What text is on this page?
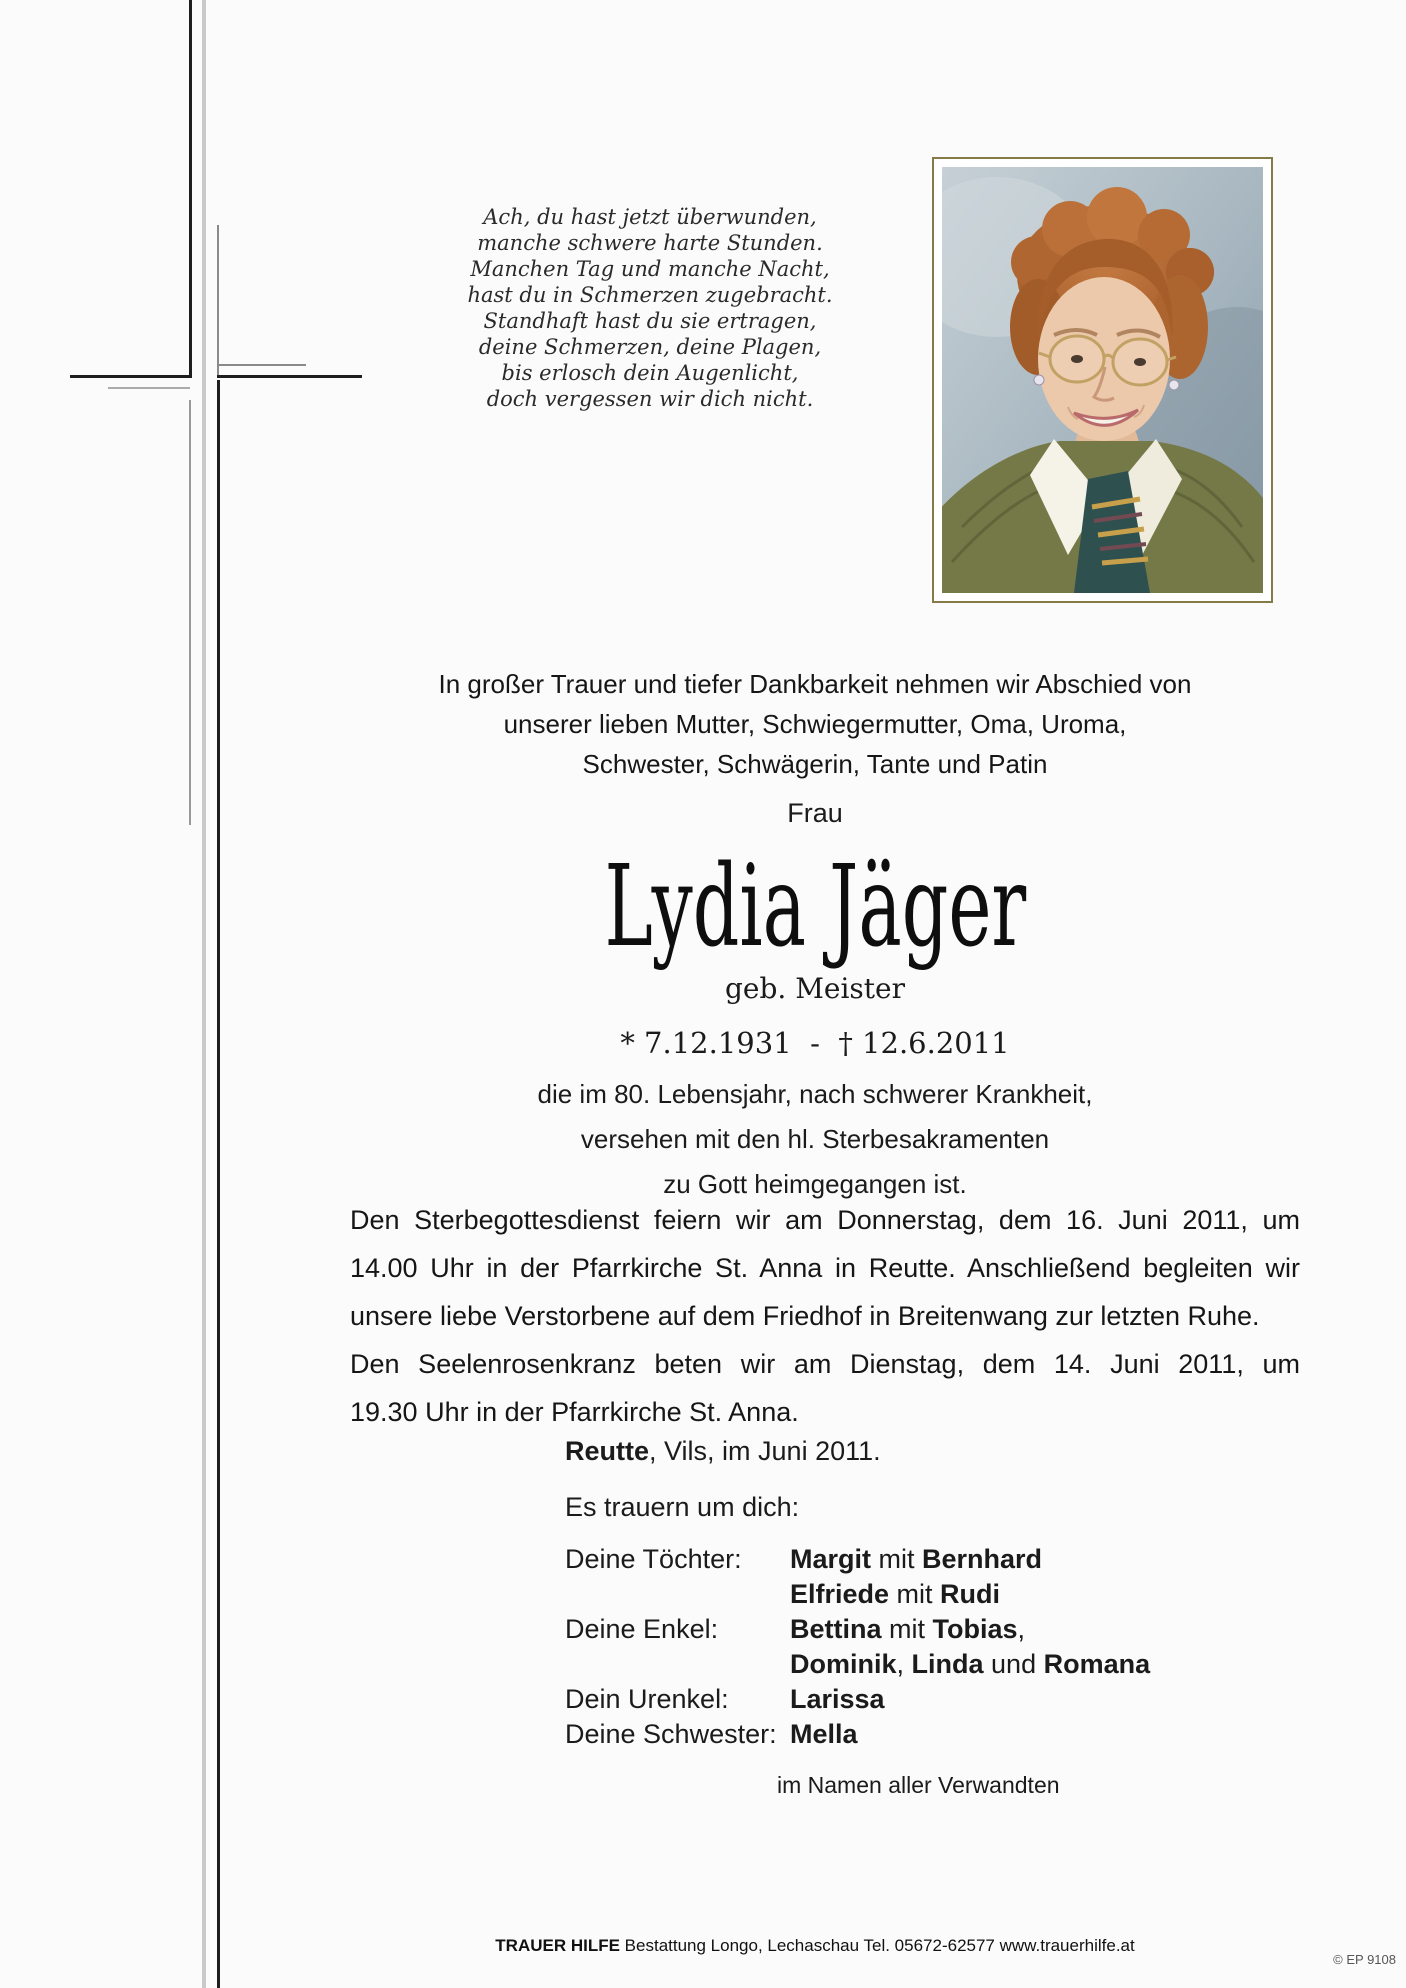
Ach, du hast jetzt überwunden,
manche schwere harte Stunden.
Manchen Tag und manche Nacht,
hast du in Schmerzen zugebracht.
Standhaft hast du sie ertragen,
deine Schmerzen, deine Plagen,
bis erlosch dein Augenlicht,
doch vergessen wir dich nicht.
In großer Trauer und tiefer Dankbarkeit nehmen wir Abschied von
unserer lieben Mutter, Schwiegermutter, Oma, Uroma,
Schwester, Schwägerin, Tante und Patin
Frau
Lydia Jäger
geb. Meister
* 7.12.1931  -  † 12.6.2011
die im 80. Lebensjahr, nach schwerer Krankheit,
versehen mit den hl. Sterbesakramenten
zu Gott heimgegangen ist.
Den Sterbegottesdienst feiern wir am Donnerstag, dem 16. Juni 2011, um
14.00 Uhr in der Pfarrkirche St. Anna in Reutte. Anschließend begleiten wir
unsere liebe Verstorbene auf dem Friedhof in Breitenwang zur letzten Ruhe.
Den Seelenrosenkranz beten wir am Dienstag, dem 14. Juni 2011, um
19.30 Uhr in der Pfarrkirche St. Anna.
Reutte, Vils, im Juni 2011.
Es trauern um dich:
Deine Töchter:	Margit mit Bernhard
Elfriede mit Rudi
Deine Enkel:	Bettina mit Tobias,
Dominik, Linda und Romana
Dein Urenkel:	Larissa
Deine Schwester: Mella
im Namen aller Verwandten
TRAUER HILFE Bestattung Longo, Lechaschau Tel. 05672-62577 www.trauerhilfe.at
© EP 9108
